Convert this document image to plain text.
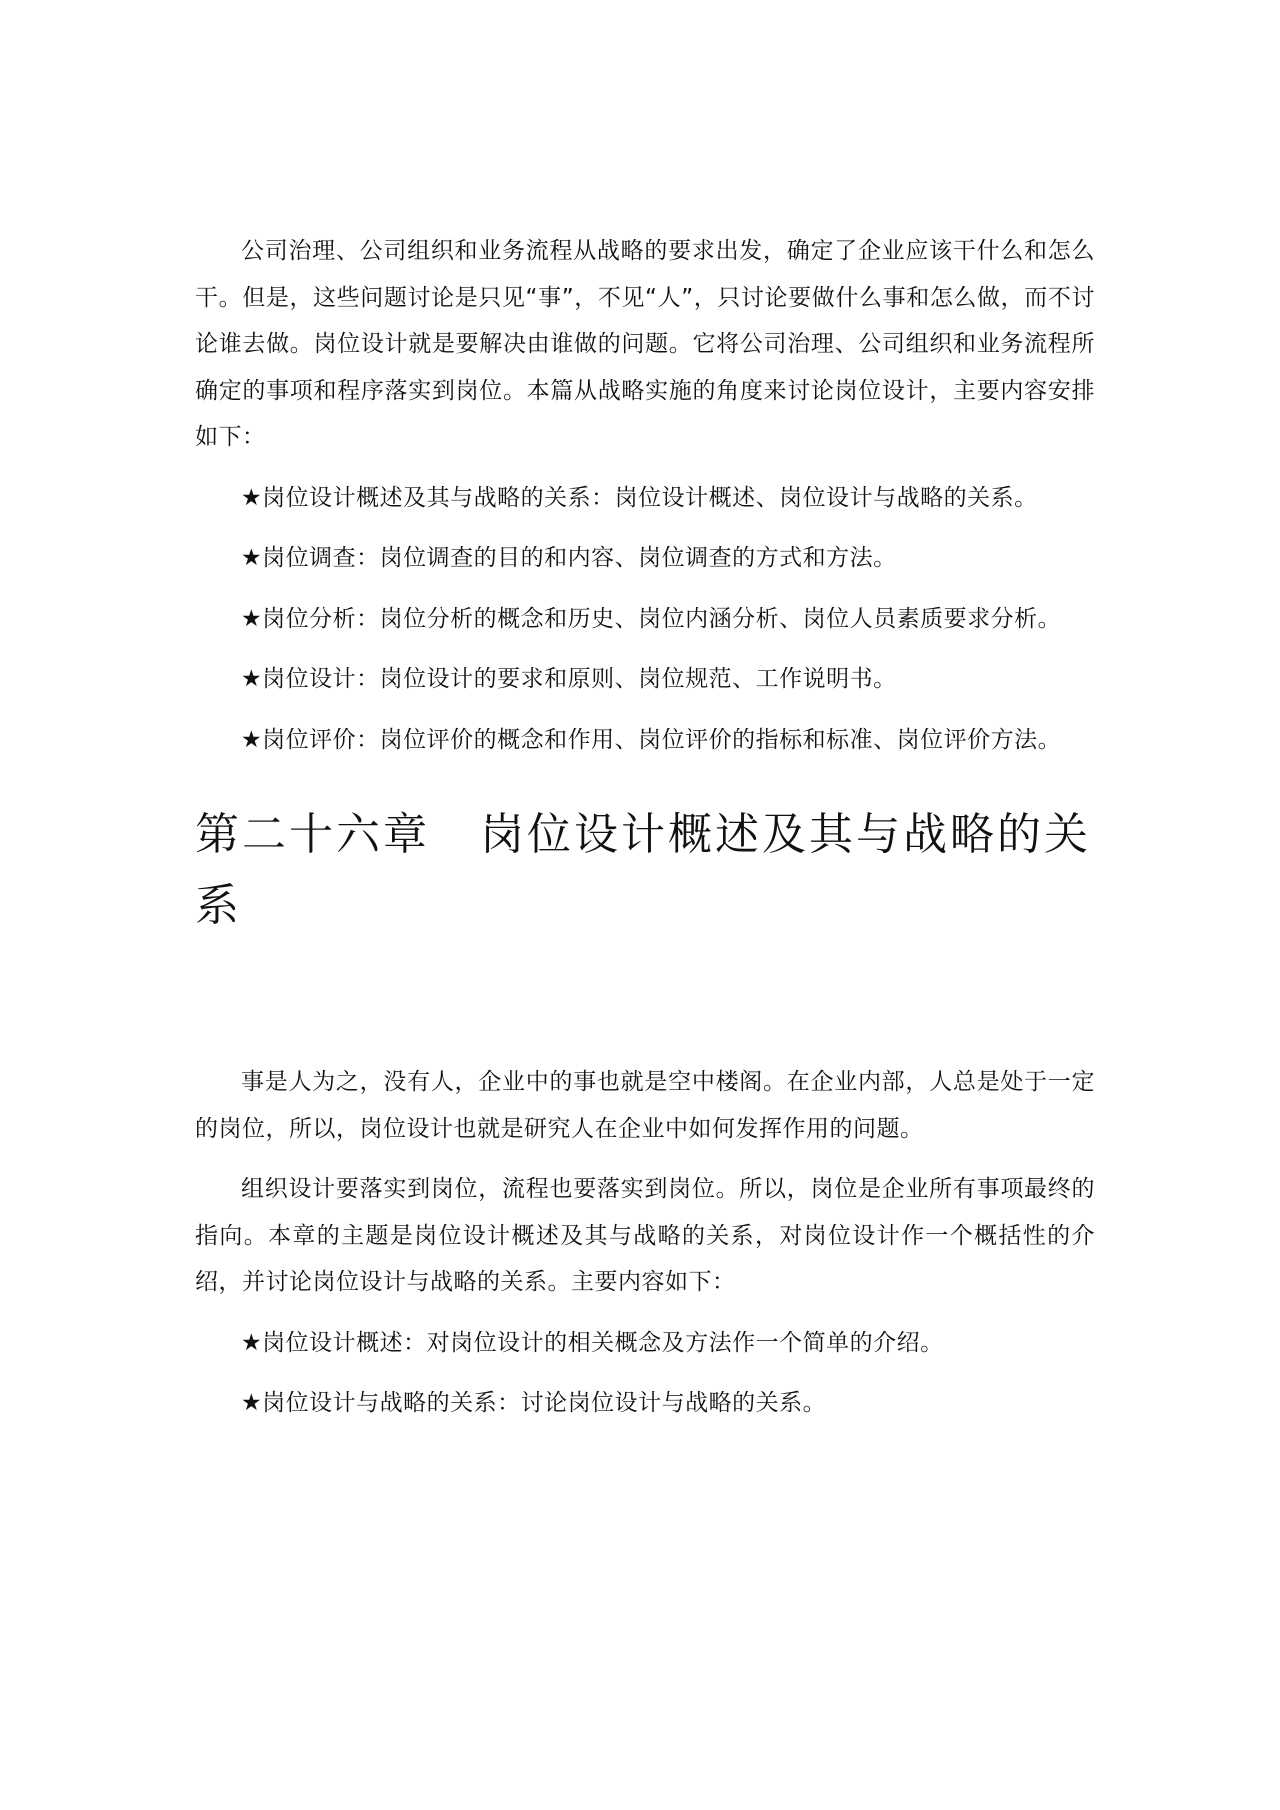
公司治理、公司组织和业务流程从战略的要求出发，确定了企业应该干什么和怎么干。但是，这些问题讨论是只见“事”，不见“人”，只讨论要做什么事和怎么做，而不讨论谁去做。岗位设计就是要解决由谁做的问题。它将公司治理、公司组织和业务流程所确定的事项和程序落实到岗位。本篇从战略实施的角度来讨论岗位设计，主要内容安排如下：

★岗位设计概述及其与战略的关系：岗位设计概述、岗位设计与战略的关系。

★岗位调查：岗位调查的目的和内容、岗位调查的方式和方法。

★岗位分析：岗位分析的概念和历史、岗位内涵分析、岗位人员素质要求分析。

★岗位设计：岗位设计的要求和原则、岗位规范、工作说明书。

★岗位评价：岗位评价的概念和作用、岗位评价的指标和标准、岗位评价方法。

第二十六章 岗位设计概述及其与战略的关系

事是人为之，没有人，企业中的事也就是空中楼阁。在企业内部，人总是处于一定的岗位，所以，岗位设计也就是研究人在企业中如何发挥作用的问题。

组织设计要落实到岗位，流程也要落实到岗位。所以，岗位是企业所有事项最终的指向。本章的主题是岗位设计概述及其与战略的关系，对岗位设计作一个概括性的介绍，并讨论岗位设计与战略的关系。主要内容如下：

★岗位设计概述：对岗位设计的相关概念及方法作一个简单的介绍。

★岗位设计与战略的关系：讨论岗位设计与战略的关系。
